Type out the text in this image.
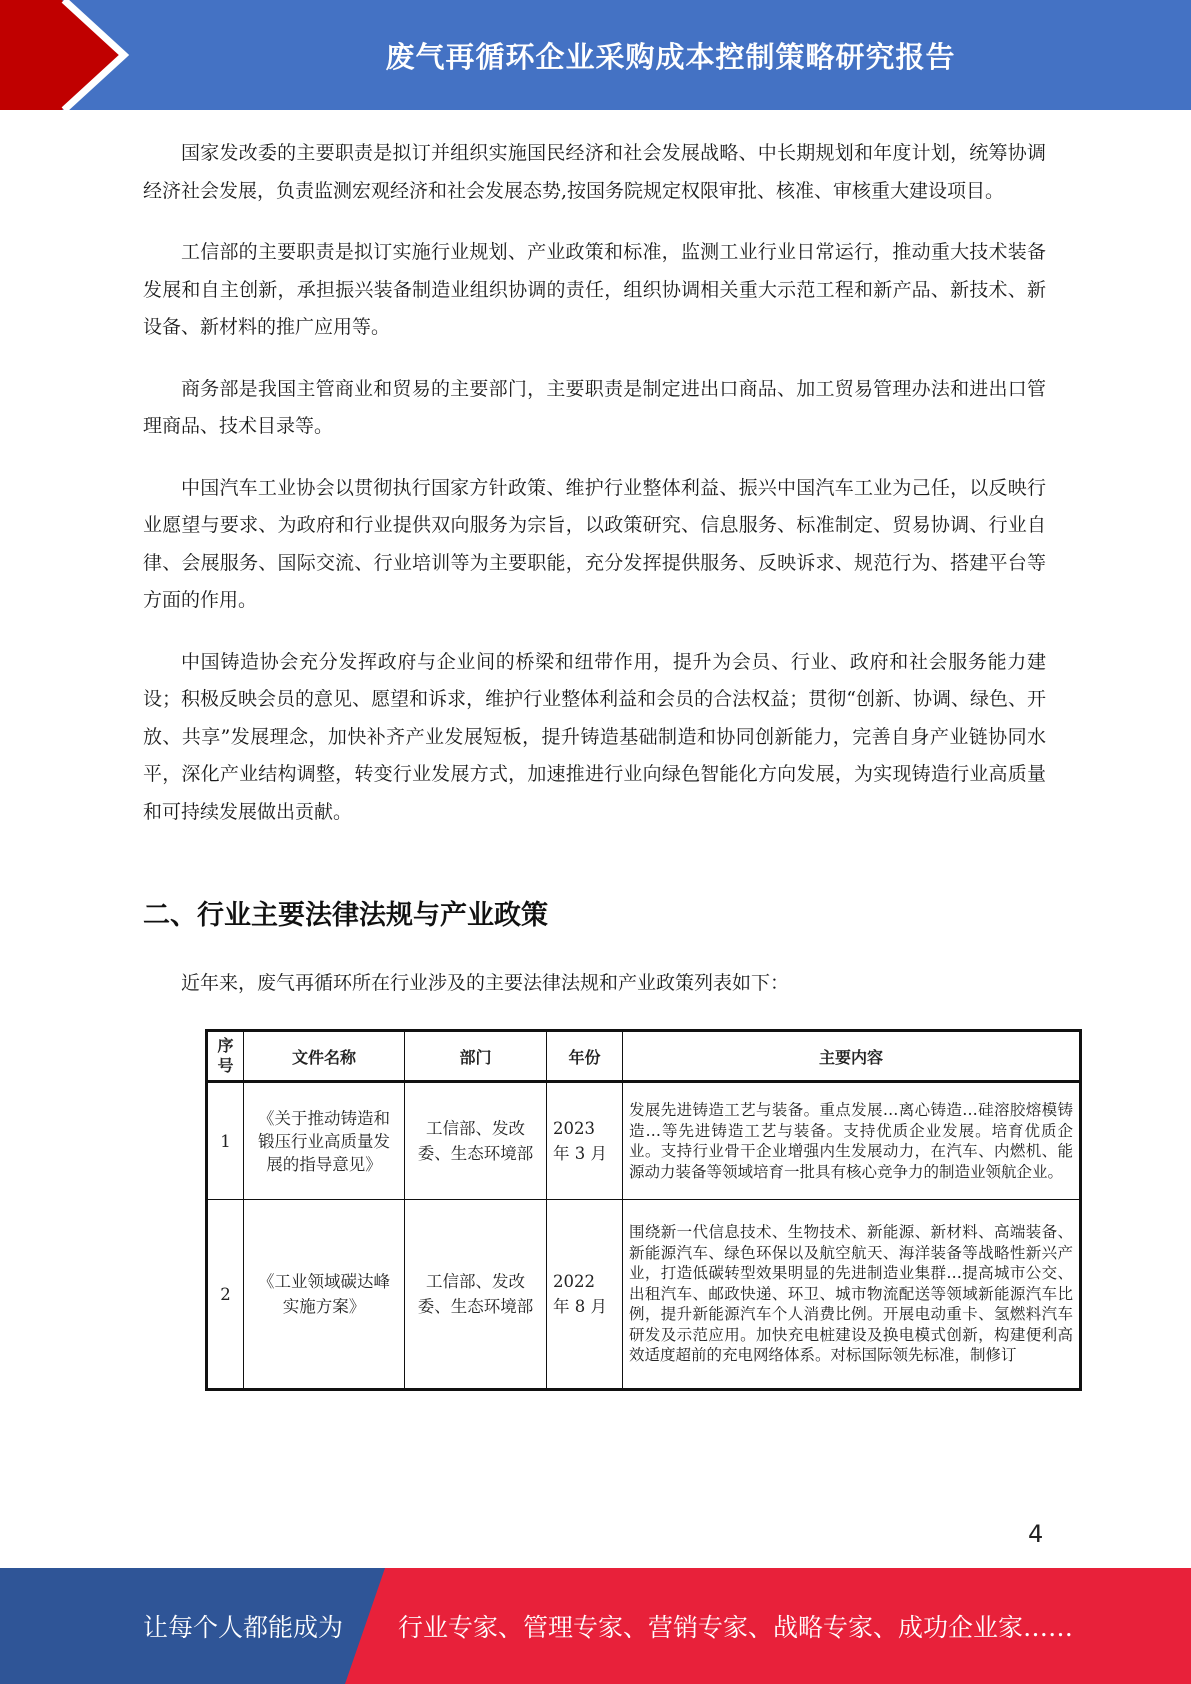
废气再循环企业采购成本控制策略研究报告

国家发改委的主要职责是拟订并组织实施国民经济和社会发展战略、中长期规划和年度计划，统筹协调经济社会发展，负责监测宏观经济和社会发展态势,按国务院规定权限审批、核准、审核重大建设项目。

工信部的主要职责是拟订实施行业规划、产业政策和标准，监测工业行业日常运行，推动重大技术装备发展和自主创新，承担振兴装备制造业组织协调的责任，组织协调相关重大示范工程和新产品、新技术、新设备、新材料的推广应用等。

商务部是我国主管商业和贸易的主要部门，主要职责是制定进出口商品、加工贸易管理办法和进出口管理商品、技术目录等。

中国汽车工业协会以贯彻执行国家方针政策、维护行业整体利益、振兴中国汽车工业为己任，以反映行业愿望与要求、为政府和行业提供双向服务为宗旨，以政策研究、信息服务、标准制定、贸易协调、行业自律、会展服务、国际交流、行业培训等为主要职能，充分发挥提供服务、反映诉求、规范行为、搭建平台等方面的作用。

中国铸造协会充分发挥政府与企业间的桥梁和纽带作用，提升为会员、行业、政府和社会服务能力建设；积极反映会员的意见、愿望和诉求，维护行业整体利益和会员的合法权益；贯彻“创新、协调、绿色、开放、共享”发展理念，加快补齐产业发展短板，提升铸造基础制造和协同创新能力，完善自身产业链协同水平，深化产业结构调整，转变行业发展方式，加速推进行业向绿色智能化方向发展，为实现铸造行业高质量和可持续发展做出贡献。

二、行业主要法律法规与产业政策
近年来，废气再循环所在行业涉及的主要法律法规和产业政策列表如下：
序号	文件名称	部门	年份	主要内容
1	《关于推动铸造和锻压行业高质量发展的指导意见》	工信部、发改委、生态环境部	2023 年 3 月	发展先进铸造工艺与装备。重点发展…离心铸造…硅溶胶熔模铸造…等先进铸造工艺与装备。支持优质企业发展。培育优质企业。支持行业骨干企业增强内生发展动力，在汽车、内燃机、能源动力装备等领域培育一批具有核心竞争力的制造业领航企业。
2	《工业领域碳达峰实施方案》	工信部、发改委、生态环境部	2022 年 8 月	围绕新一代信息技术、生物技术、新能源、新材料、高端装备、新能源汽车、绿色环保以及航空航天、海洋装备等战略性新兴产业，打造低碳转型效果明显的先进制造业集群…提高城市公交、出租汽车、邮政快递、环卫、城市物流配送等领域新能源汽车比例，提升新能源汽车个人消费比例。开展电动重卡、氢燃料汽车研发及示范应用。加快充电桩建设及换电模式创新，构建便利高效适度超前的充电网络体系。对标国际领先标准，制修订
4
让每个人都能成为 行业专家、管理专家、营销专家、战略专家、成功企业家……
